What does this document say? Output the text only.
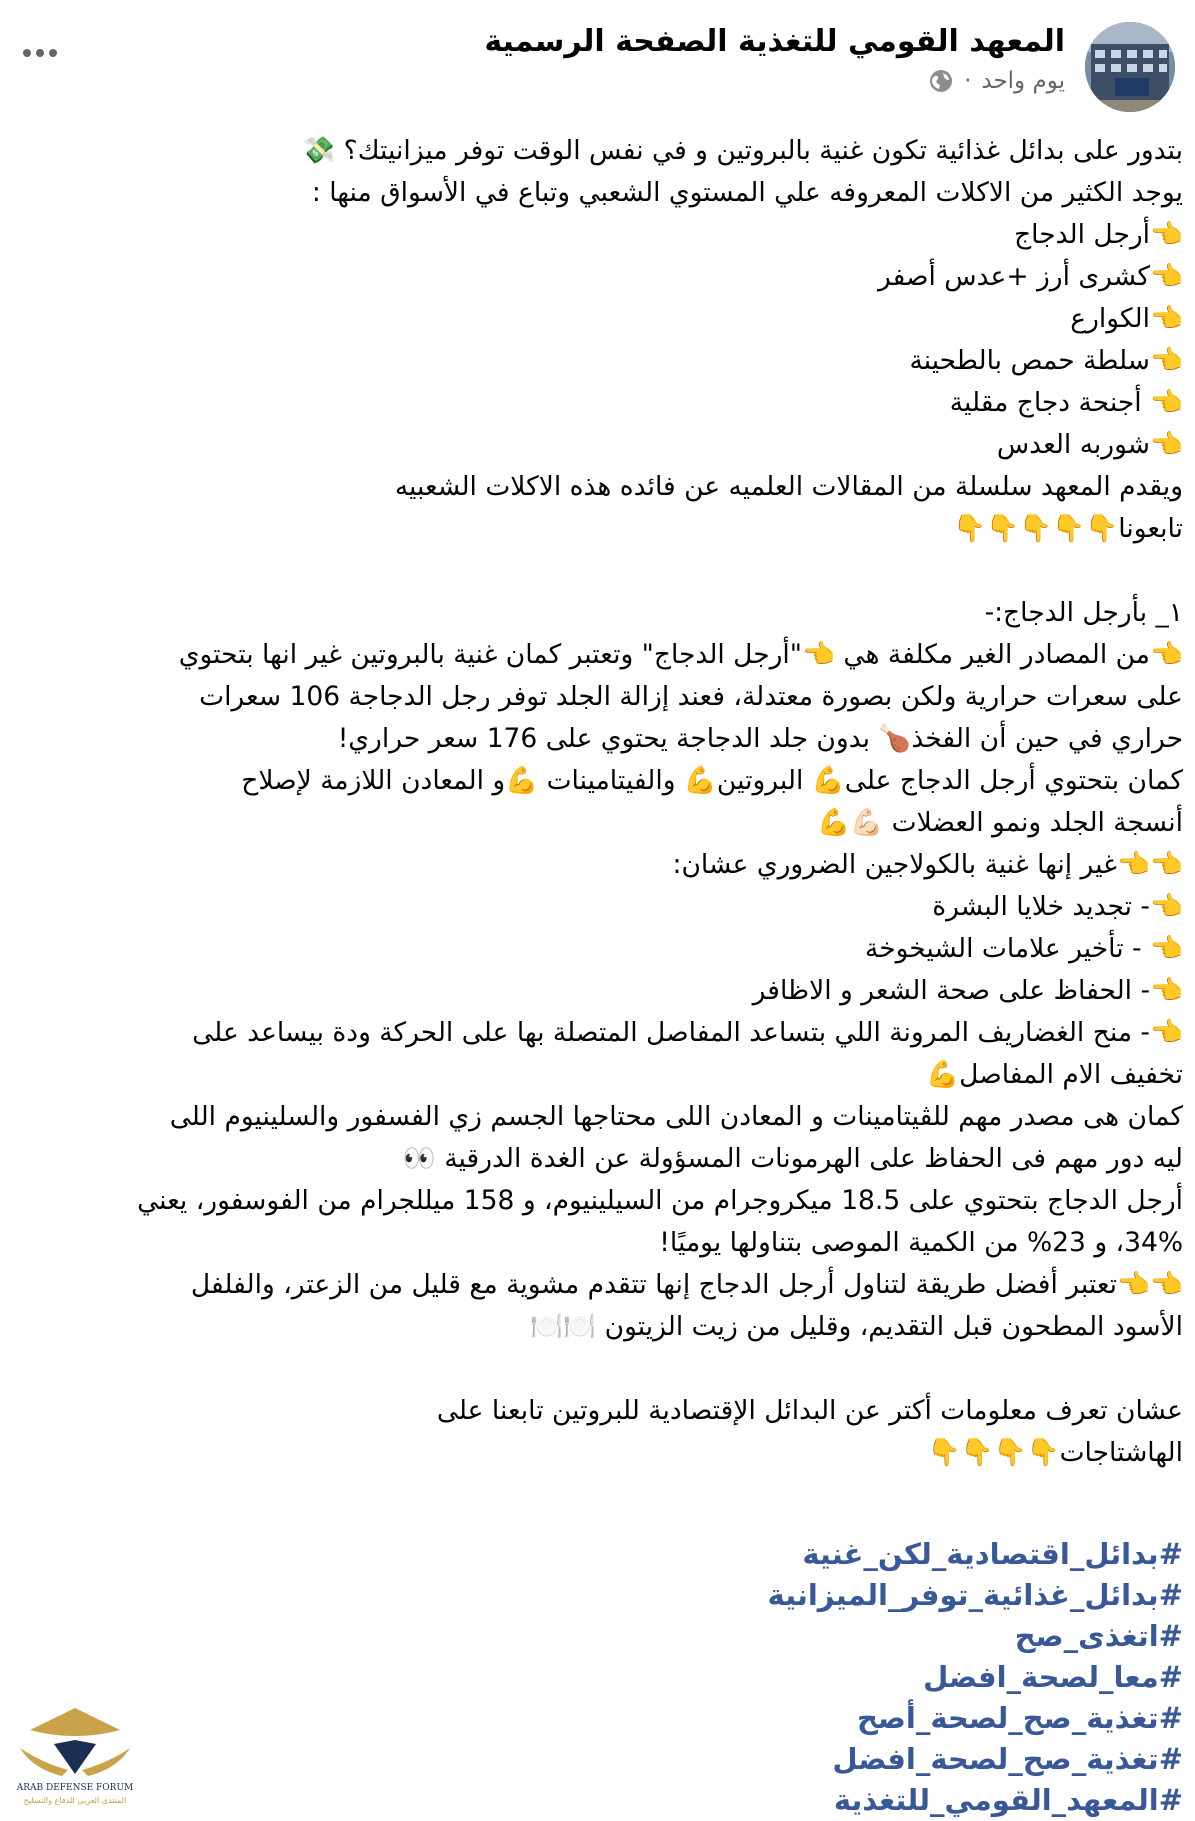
المعهد القومي للتغذية الصفحة الرسمية
يوم واحد
·
بتدور على بدائل غذائية تكون غنية بالبروتين و في نفس الوقت توفر ميزانيتك؟ 💸
يوجد الكثير من الاكلات المعروفه علي المستوي الشعبي وتباع في الأسواق منها :
👈أرجل الدجاج
👈كشرى أرز +عدس أصفر
👈الكوارع
👈سلطة حمص بالطحينة
👈 أجنحة دجاج مقلية
👈شوربه العدس
ويقدم المعهد سلسلة من المقالات العلميه عن فائده هذه الاكلات الشعبيه
تابعونا👇👇👇👇👇
١_ بأرجل الدجاج:-
👈من المصادر الغير مكلفة هي 👈"أرجل الدجاج" وتعتبر كمان غنية بالبروتين غير انها بتحتوي
على سعرات حرارية ولكن بصورة معتدلة، فعند إزالة الجلد توفر رجل الدجاجة 106 سعرات
حراري في حين أن الفخذ🍗 بدون جلد الدجاجة يحتوي على 176 سعر حراري!
كمان بتحتوي أرجل الدجاج على💪 البروتين💪 والفيتامينات 💪و المعادن اللازمة لإصلاح
أنسجة الجلد ونمو العضلات 💪🏻💪
👈👈غير إنها غنية بالكولاجين الضروري عشان:
👈- تجديد خلايا البشرة
👈 - تأخير علامات الشيخوخة
👈- الحفاظ على صحة الشعر و الاظافر
👈- منح الغضاريف المرونة اللي بتساعد المفاصل المتصلة بها على الحركة ودة بيساعد على
تخفيف الام المفاصل💪
كمان هى مصدر مهم للڤيتامينات و المعادن اللى محتاجها الجسم زي الفسفور والسلينيوم اللى
ليه دور مهم فى الحفاظ على الهرمونات المسؤولة عن الغدة الدرقية 👀
أرجل الدجاج بتحتوي على 18.5 ميكروجرام من السيلينيوم، و 158 ميللجرام من الفوسفور، يعني
34%، و 23% من الكمية الموصى بتناولها يوميًا!
👈👈تعتبر أفضل طريقة لتناول أرجل الدجاج إنها تتقدم مشوية مع قليل من الزعتر، والفلفل
الأسود المطحون قبل التقديم، وقليل من زيت الزيتون 🍽️🍽️
عشان تعرف معلومات أكتر عن البدائل الإقتصادية للبروتين تابعنا على
الهاشتاجات👇👇👇👇
#بدائل_اقتصادية_لكن_غنية
#بدائل_غذائية_توفر_الميزانية
#اتغذى_صح
#معا_لصحة_افضل
#تغذية_صح_لصحة_أصح
#تغذية_صح_لصحة_افضل
#المعهد_القومي_للتغذية
ARAB DEFENSE FORUM
المنتدى العربي للدفاع والتسليح
